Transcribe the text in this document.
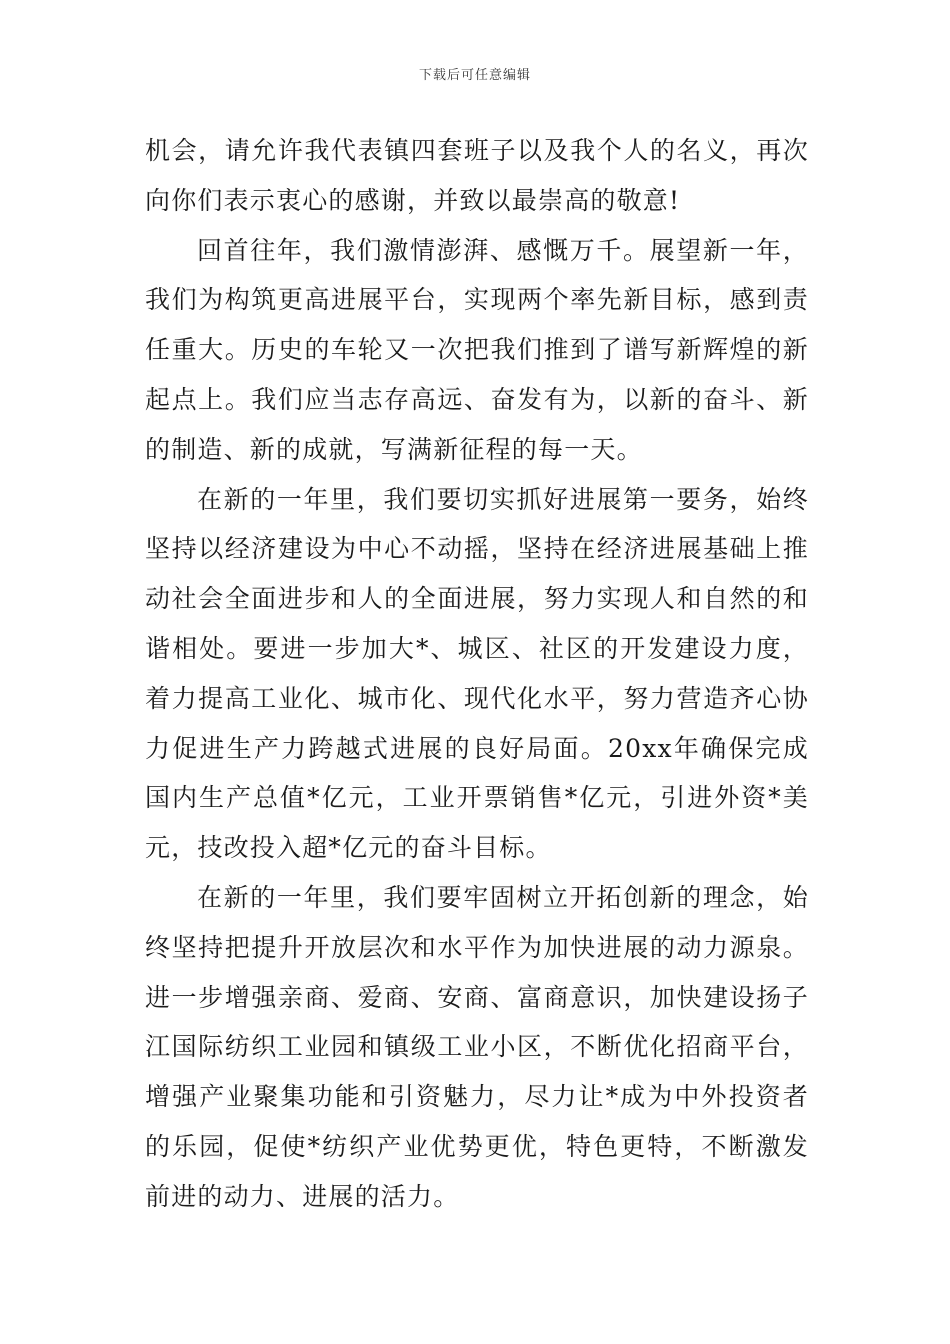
下载后可任意编辑

机会，请允许我代表镇四套班子以及我个人的名义，再次向你们表示衷心的感谢，并致以最崇高的敬意!

回首往年，我们激情澎湃、感慨万千。展望新一年，我们为构筑更高进展平台，实现两个率先新目标，感到责任重大。历史的车轮又一次把我们推到了谱写新辉煌的新起点上。我们应当志存高远、奋发有为，以新的奋斗、新的制造、新的成就，写满新征程的每一天。

在新的一年里，我们要切实抓好进展第一要务，始终坚持以经济建设为中心不动摇，坚持在经济进展基础上推动社会全面进步和人的全面进展，努力实现人和自然的和谐相处。要进一步加大*、城区、社区的开发建设力度，着力提高工业化、城市化、现代化水平，努力营造齐心协力促进生产力跨越式进展的良好局面。20xx年确保完成国内生产总值*亿元，工业开票销售*亿元，引进外资*美元，技改投入超*亿元的奋斗目标。

在新的一年里，我们要牢固树立开拓创新的理念，始终坚持把提升开放层次和水平作为加快进展的动力源泉。进一步增强亲商、爱商、安商、富商意识，加快建设扬子江国际纺织工业园和镇级工业小区，不断优化招商平台，增强产业聚集功能和引资魅力，尽力让*成为中外投资者的乐园，促使*纺织产业优势更优，特色更特，不断激发前进的动力、进展的活力。
